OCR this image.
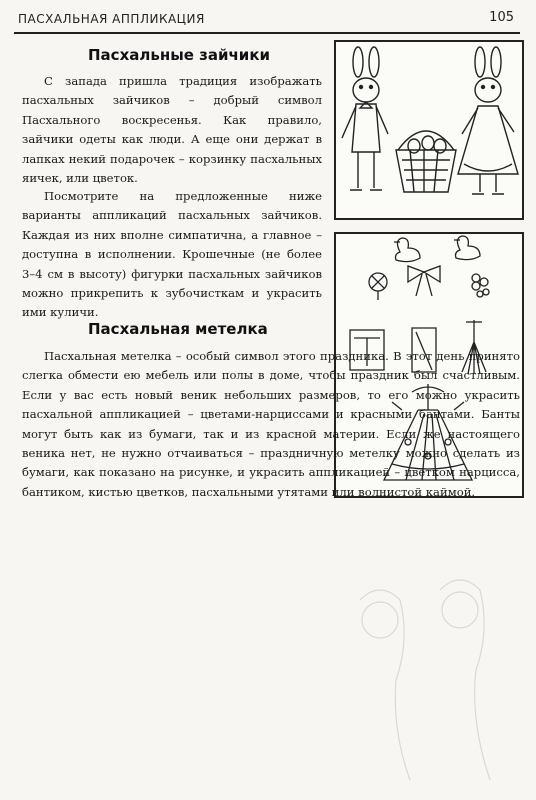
ПАСХАЛЬНАЯ АППЛИКАЦИЯ	105
Пасхальные зайчики

С запада пришла традиция изображать пасхальных зайчиков – добрый символ Пасхального воскресенья. Как правило, зайчики одеты как люди. А еще они держат в лапках некий подарочек – корзинку пасхальных яичек, или цветок.

Посмотрите на предложенные ниже варианты аппликаций пасхальных зайчиков. Каждая из них вполне симпатична, а главное – доступна в исполнении. Крошечные (не более 3–4 см в высоту) фигурки пасхальных зайчиков можно прикрепить к зубочисткам и украсить ими куличи.

Пасхальная метелка

Пасхальная метелка – особый символ этого праздника. В этот день принято слегка обмести ею мебель или полы в доме, чтобы праздник был счастливым. Если у вас есть новый веник небольших размеров, то его можно украсить пасхальной аппликацией – цветами-нарциссами и красными бантами. Банты могут быть как из бумаги, так и из красной материи. Если же настоящего веника нет, не нужно отчаиваться – праздничную метелку можно сделать из бумаги, как показано на рисунке, и украсить аппликацией – цветком нарцисса, бантиком, кистью цветков, пасхальными утятами или волнистой каймой.
